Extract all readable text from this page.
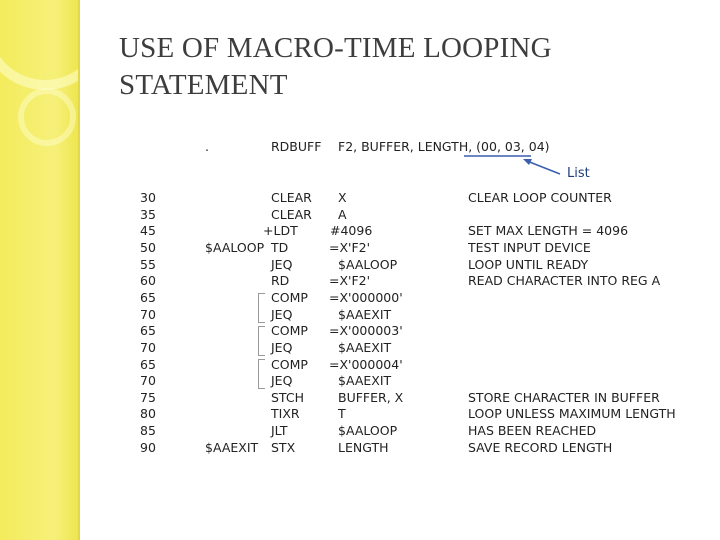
USE OF MACRO-TIME LOOPING STATEMENT
.	RDBUFF F2, BUFFER, LENGTH, (00, 03, 04)
30	CLEAR X	CLEAR LOOP COUNTER
35	CLEAR A
45	+LDT	#4096	SET MAX LENGTH = 4096
50	$AALOOP TD	=X'F2'	TEST INPUT DEVICE
55	JEQ	$AALOOP	LOOP UNTIL READY
60	RD	=X'F2'	READ CHARACTER INTO REG A
65	COMP =X'000000'
70	JEQ	$AAEXIT
65	COMP =X'000003'
70	JEQ	$AAEXIT
65	COMP =X'000004'
70	JEQ	$AAEXIT
75	STCH	BUFFER, X	STORE CHARACTER IN BUFFER
80	TIXR	T	LOOP UNLESS MAXIMUM LENGTH
85	JLT	$AALOOP	HAS BEEN REACHED
90	$AAEXIT STX	LENGTH	SAVE RECORD LENGTH
List
